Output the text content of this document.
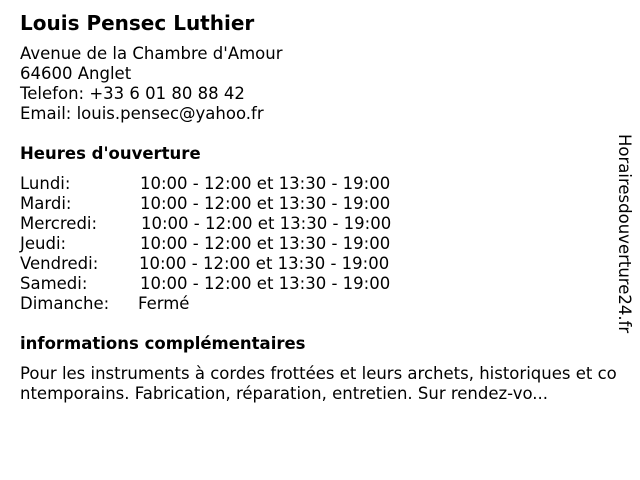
Louis Pensec Luthier
Avenue de la Chambre d'Amour
64600 Anglet
Telefon: +33 6 01 80 88 42
Email: louis.pensec@yahoo.fr
Heures d'ouverture
Lundi:	10:00 - 12:00 et 13:30 - 19:00
Mardi:	10:00 - 12:00 et 13:30 - 19:00
Mercredi:	10:00 - 12:00 et 13:30 - 19:00
Jeudi:	10:00 - 12:00 et 13:30 - 19:00
Vendredi: 10:00 - 12:00 et 13:30 - 19:00
Samedi:	10:00 - 12:00 et 13:30 - 19:00
Dimanche: Fermé
informations complémentaires
Pour les instruments à cordes frottées et leurs archets, historiques et contemporains. Fabrication, réparation, entretien. Sur rendez-vo...
Horairesdouverture24.fr
